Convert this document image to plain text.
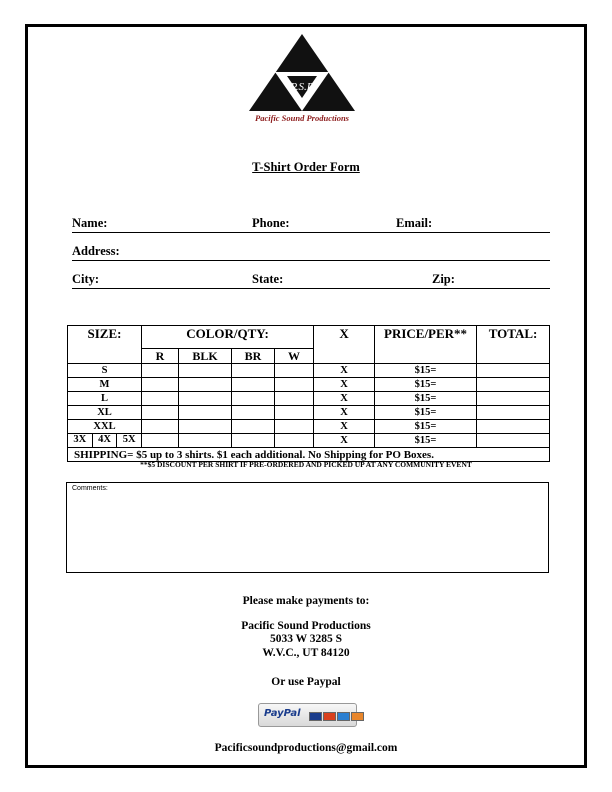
P.S.P
Pacific Sound Productions
T-Shirt Order Form
Name:	Phone:	Email:
Address:
City:	State:	Zip:
SIZE:	COLOR/QTY:				X	PRICE/PER**	TOTAL:
	R	BLK	BR	W			
S					X	$15=	
M					X	$15=	
L					X	$15=	
XL					X	$15=	
XXL					X	$15=	

3X 4X 5X					X	$15=	
SHIPPING= $5 up to 3 shirts. $1 each additional. No Shipping for PO Boxes.							
**$5 DISCOUNT PER SHIRT IF PRE-ORDERED AND PICKED UP AT ANY COMMUNITY EVENT
Comments:
Please make payments to:
Pacific Sound Productions
5033 W 3285 S
W.V.C., UT 84120
Or use Paypal
PayPal
Pacificsoundproductions@gmail.com
